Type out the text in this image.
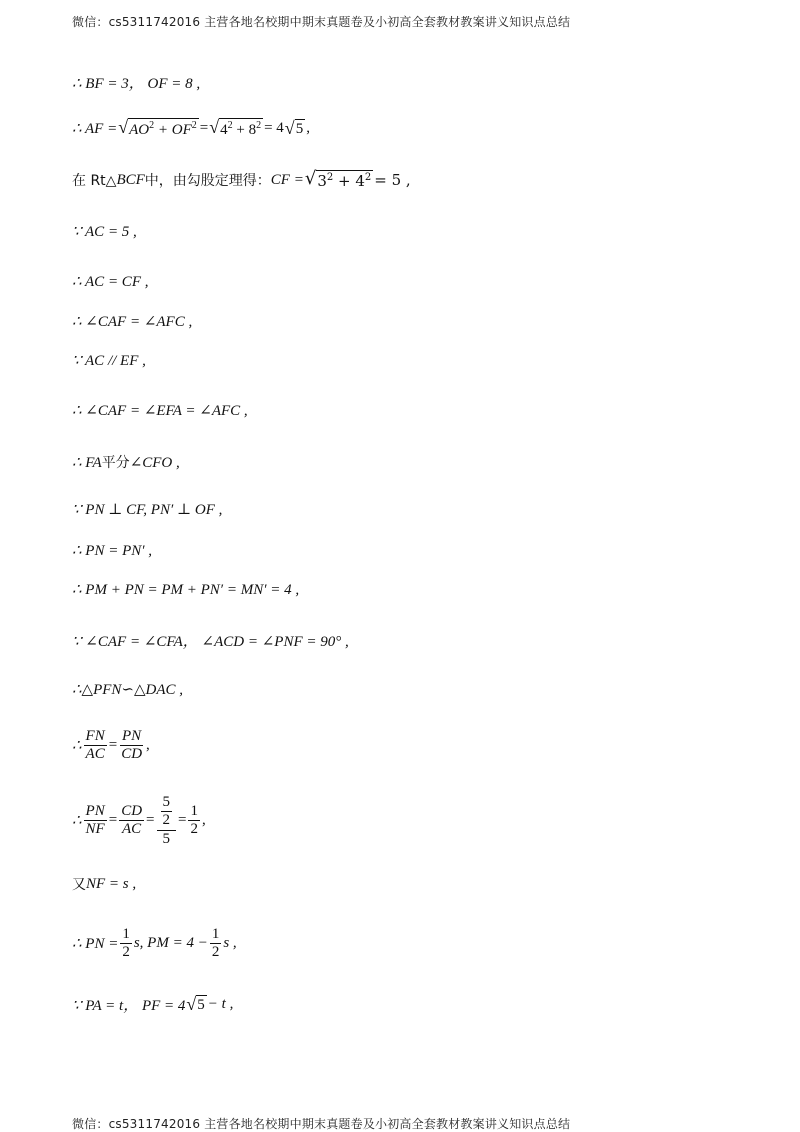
微信：cs5311742016 主营各地名校期中期末真题卷及小初高全套教材教案讲义知识点总结
∴ BF = 3， OF = 8 ,
∴ AF = √ $AO^2 + OF^2$ = √ $4^2 + 8^2 = 4$ √ 5 ,
在 Rt△ BCF 中，由勾股定理得： CF = √ $3^2 + 4^2 = 5$ ,
∵ AC = 5 ,
∴ AC = CF ,
∴ ∠CAF = ∠AFC ,
∵ AC // EF ,
∴ ∠CAF = ∠EFA = ∠AFC ,
∴ FA 平分 ∠CFO ,
∵ PN ⊥ CF, PN′ ⊥ OF ,
∴ PN = PN′ ,
∴ PM + PN = PM + PN′ = MN′ = 4 ,
∵ ∠CAF = ∠CFA， ∠ACD = ∠PNF = 90° ,
∴△PFN∽△DAC ,
∴ $\frac{FN}{AC} = \frac{PN}{CD}$ ,
∴ $\frac{PN}{NF} = \frac{CD}{AC} = \frac{\frac{5}{2}}{5} = \frac{1}{2}$ ,
又 NF = s ,
∴ PN = $\frac{1}{2} s$, PM = $4 - \frac{1}{2}$ s ,
∵ PA = t， PF = 4 √ 5 − t ,
微信：cs5311742016 主营各地名校期中期末真题卷及小初高全套教材教案讲义知识点总结
